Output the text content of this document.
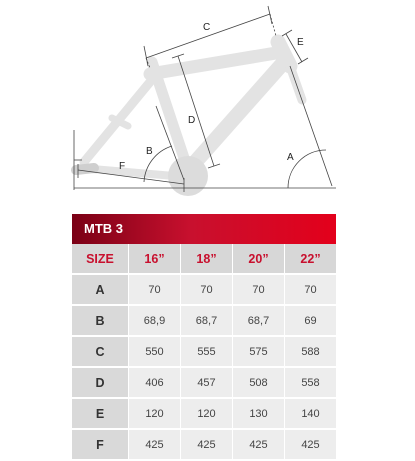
C
E
D
B
F
A
MTB 3
SIZE	16”	18”	20”	22”
A	70	70	70	70
B	68,9	68,7	68,7	69
C	550	555	575	588
D	406	457	508	558
E	120	120	130	140
F	425	425	425	425
